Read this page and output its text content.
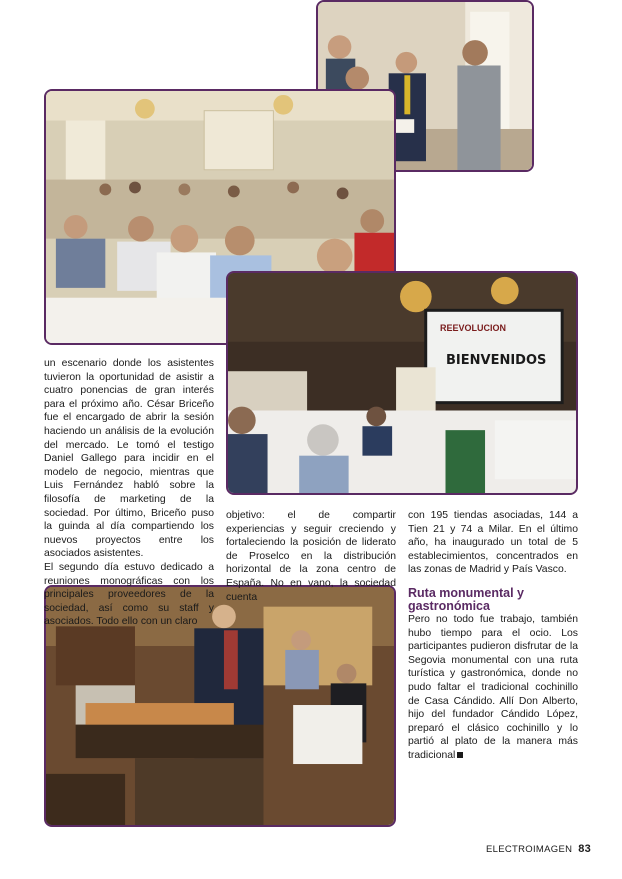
REEVOLUCION
BIENVENIDOS

un escenario donde los asistentes tuvieron la oportunidad de asistir a cuatro ponencias de gran interés para el próximo año. César Briceño fue el encargado de abrir la sesión haciendo un análisis de la evolución del mercado. Le tomó el testigo Daniel Gallego para incidir en el modelo de negocio, mientras que Luis Fernández habló sobre la filosofía de marketing de la sociedad. Por último, Briceño puso la guinda al día compartiendo los nuevos proyectos entre los asociados asistentes.

El segundo día estuvo dedicado a reuniones monográficas con los principales proveedores de la sociedad, así como su staff y asociados. Todo ello con un claro

objetivo: el de compartir experiencias y seguir creciendo y fortaleciendo la posición de liderato de Proselco en la distribución horizontal de la zona centro de España. No en vano, la sociedad cuenta

con 195 tiendas asociadas, 144 a Tien 21 y 74 a Milar. En el último año, ha inaugurado un total de 5 establecimientos, concentrados en las zonas de Madrid y País Vasco.

Ruta monumental y gastronómica

Pero no todo fue trabajo, también hubo tiempo para el ocio. Los participantes pudieron disfrutar de la Segovia monumental con una ruta turística y gastronómica, donde no pudo faltar el tradicional cochinillo de Casa Cándido. Allí Don Alberto, hijo del fundador Cándido López, preparó el clásico cochinillo y lo partió al plato de la manera más tradicional

ELECTROIMAGEN 83
